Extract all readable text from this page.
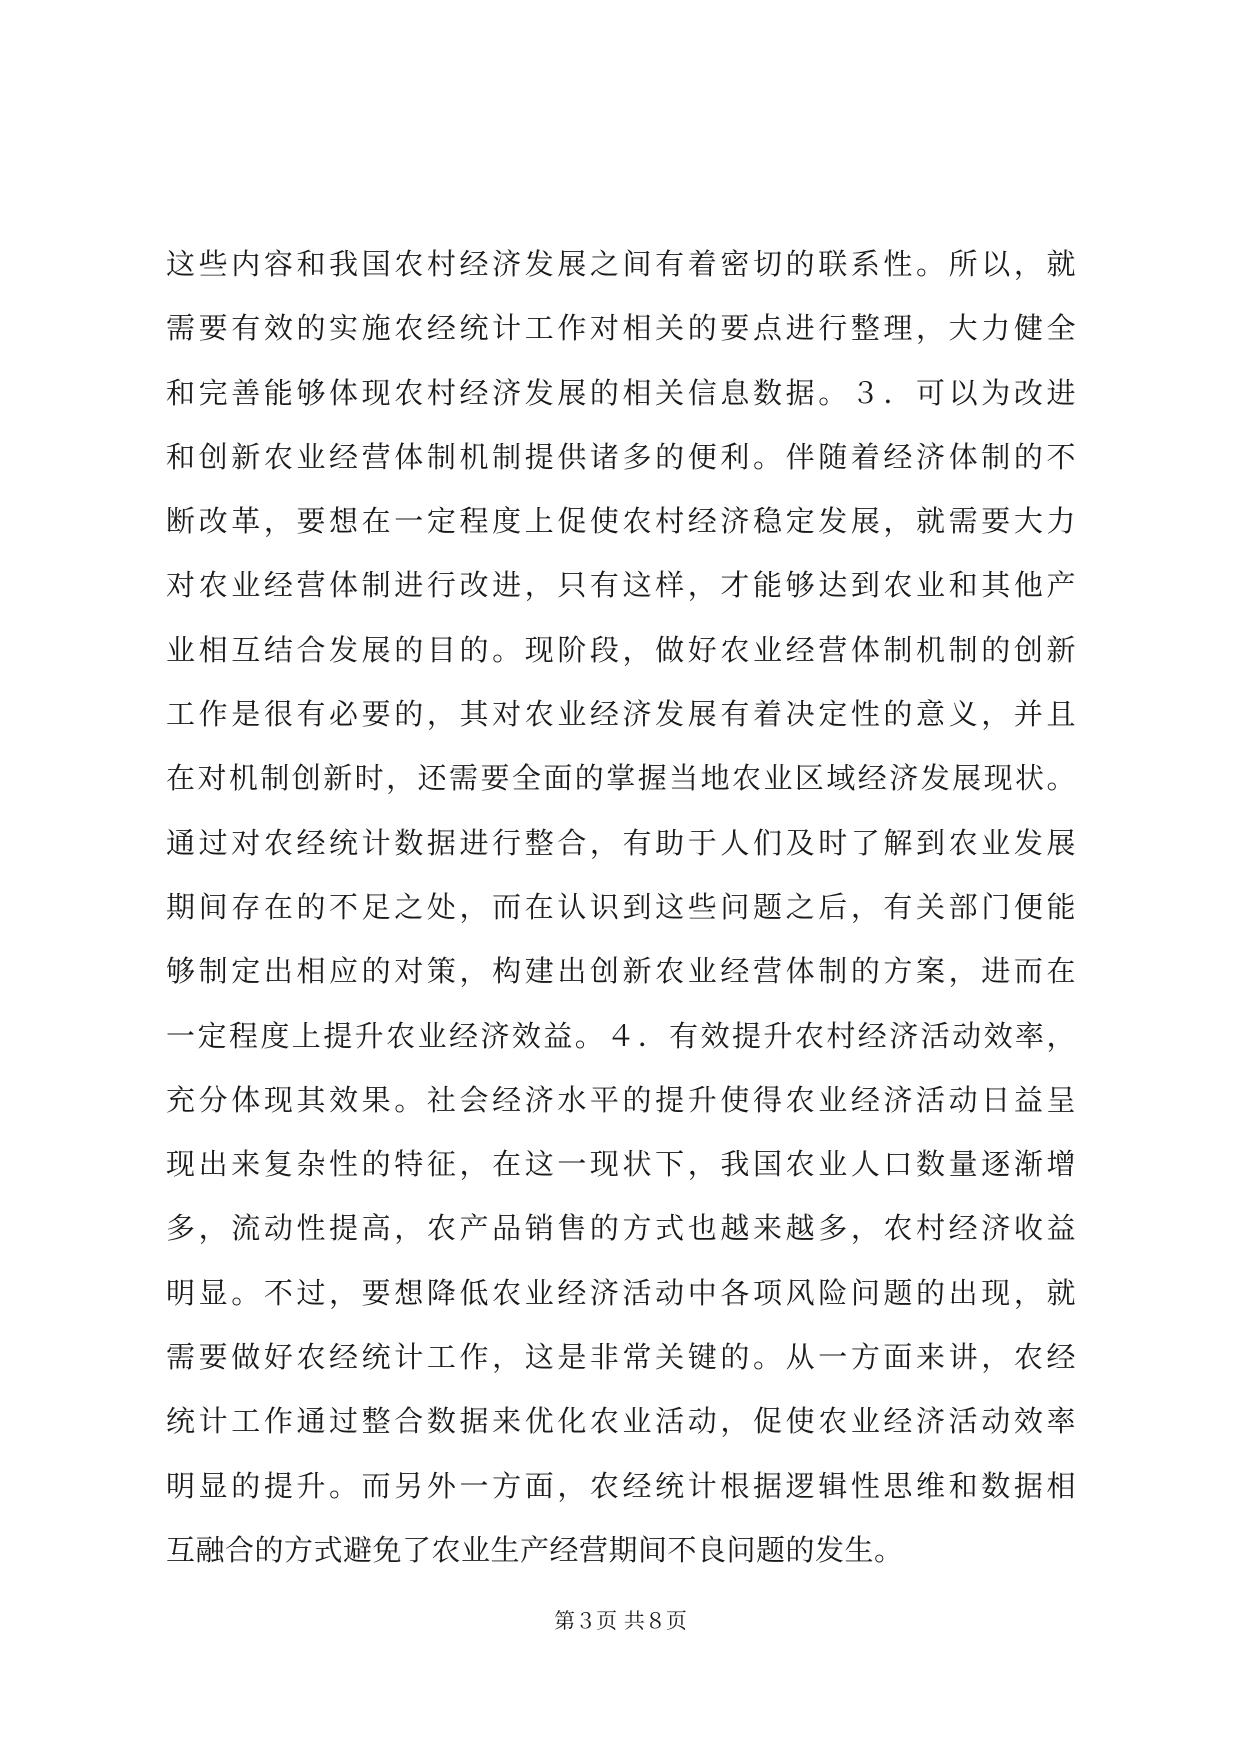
这些内容和我国农村经济发展之间有着密切的联系性。所以，就
需要有效的实施农经统计工作对相关的要点进行整理，大力健全
和完善能够体现农村经济发展的相关信息数据。３．可以为改进
和创新农业经营体制机制提供诸多的便利。伴随着经济体制的不
断改革，要想在一定程度上促使农村经济稳定发展，就需要大力
对农业经营体制进行改进，只有这样，才能够达到农业和其他产
业相互结合发展的目的。现阶段，做好农业经营体制机制的创新
工作是很有必要的，其对农业经济发展有着决定性的意义，并且
在对机制创新时，还需要全面的掌握当地农业区域经济发展现状。
通过对农经统计数据进行整合，有助于人们及时了解到农业发展
期间存在的不足之处，而在认识到这些问题之后，有关部门便能
够制定出相应的对策，构建出创新农业经营体制的方案，进而在
一定程度上提升农业经济效益。４．有效提升农村经济活动效率，
充分体现其效果。社会经济水平的提升使得农业经济活动日益呈
现出来复杂性的特征，在这一现状下，我国农业人口数量逐渐增
多，流动性提高，农产品销售的方式也越来越多，农村经济收益
明显。不过，要想降低农业经济活动中各项风险问题的出现，就
需要做好农经统计工作，这是非常关键的。从一方面来讲，农经
统计工作通过整合数据来优化农业活动，促使农业经济活动效率
明显的提升。而另外一方面，农经统计根据逻辑性思维和数据相
互融合的方式避免了农业生产经营期间不良问题的发生。
第３页 共８页
